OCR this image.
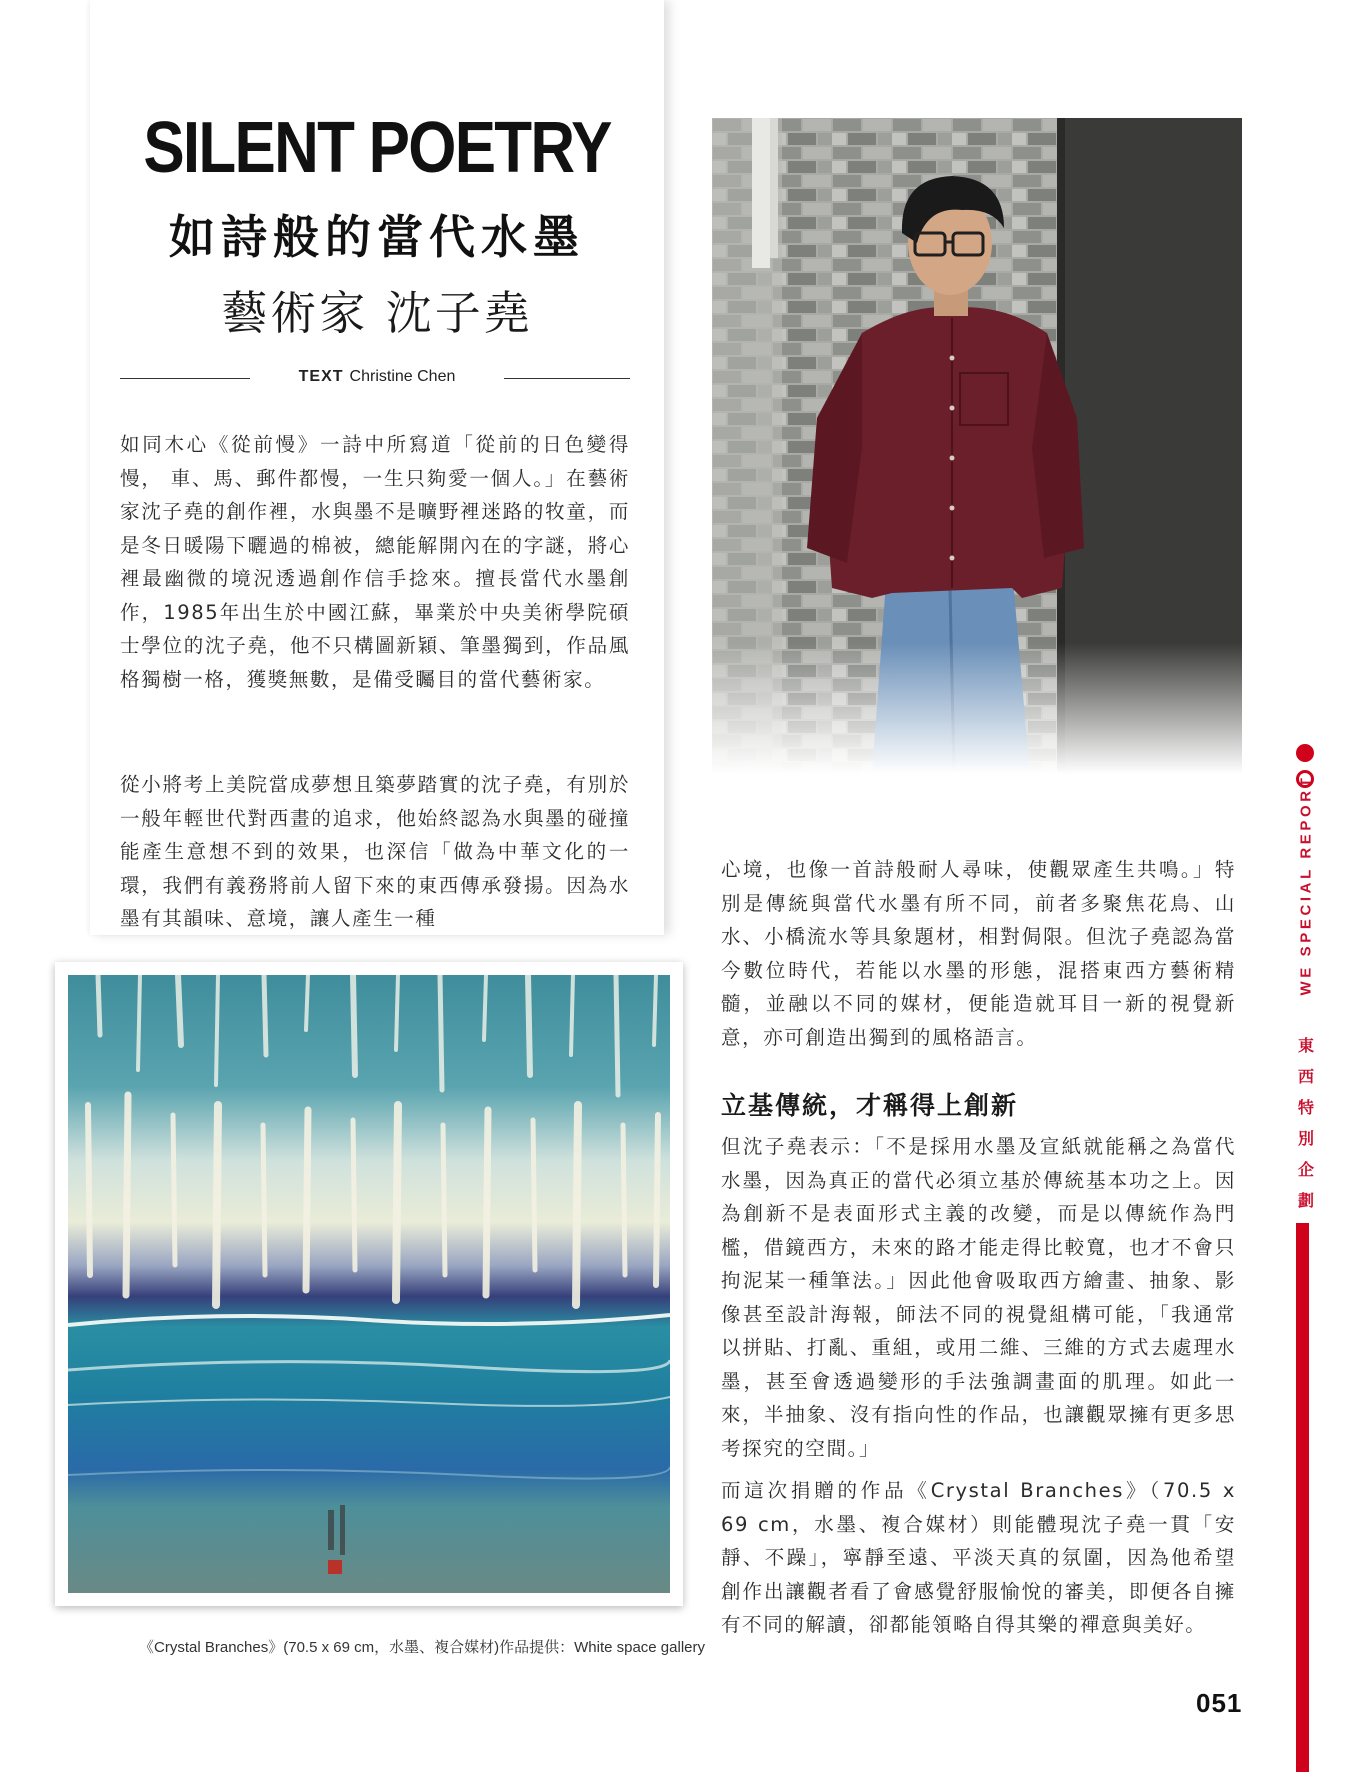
SILENT POETRY
如詩般的當代水墨
藝術家 沈子堯
TEXT Christine Chen

如同木心《從前慢》一詩中所寫道「從前的日色變得慢， 車、馬、郵件都慢，一生只夠愛一個人。」在藝術家沈子堯的創作裡，水與墨不是曠野裡迷路的牧童，而是冬日暖陽下曬過的棉被，總能解開內在的字謎，將心裡最幽微的境況透過創作信手捻來。擅長當代水墨創作，1985年出生於中國江蘇，畢業於中央美術學院碩士學位的沈子堯，他不只構圖新穎、筆墨獨到，作品風格獨樹一格，獲獎無數，是備受矚目的當代藝術家。

從小將考上美院當成夢想且築夢踏實的沈子堯，有別於一般年輕世代對西畫的追求，他始終認為水與墨的碰撞能產生意想不到的效果，也深信「做為中華文化的一環，我們有義務將前人留下來的東西傳承發揚。因為水墨有其韻味、意境，讓人產生一種

心境，也像一首詩般耐人尋味，使觀眾產生共鳴。」特別是傳統與當代水墨有所不同，前者多聚焦花鳥、山水、小橋流水等具象題材，相對侷限。但沈子堯認為當今數位時代，若能以水墨的形態，混搭東西方藝術精髓，並融以不同的媒材，便能造就耳目一新的視覺新意，亦可創造出獨到的風格語言。

立基傳統，才稱得上創新

但沈子堯表示：「不是採用水墨及宣紙就能稱之為當代水墨，因為真正的當代必須立基於傳統基本功之上。因為創新不是表面形式主義的改變，而是以傳統作為門檻，借鏡西方，未來的路才能走得比較寬，也才不會只拘泥某一種筆法。」因此他會吸取西方繪畫、抽象、影像甚至設計海報，師法不同的視覺組構可能，「我通常以拼貼、打亂、重組，或用二維、三維的方式去處理水墨，甚至會透過變形的手法強調畫面的肌理。如此一來，半抽象、沒有指向性的作品，也讓觀眾擁有更多思考探究的空間。」

而這次捐贈的作品《Crystal Branches》（70.5 x 69 cm，水墨、複合媒材）則能體現沈子堯一貫「安靜、不躁」，寧靜至遠、平淡天真的氛圍，因為他希望創作出讓觀者看了會感覺舒服愉悅的審美，即便各自擁有不同的解讀，卻都能領略自得其樂的禪意與美好。

《Crystal Branches》(70.5 x 69 cm，水墨、複合媒材)作品提供：White space gallery
051
WE SPECIAL REPORT
東
西
特
別
企
劃
